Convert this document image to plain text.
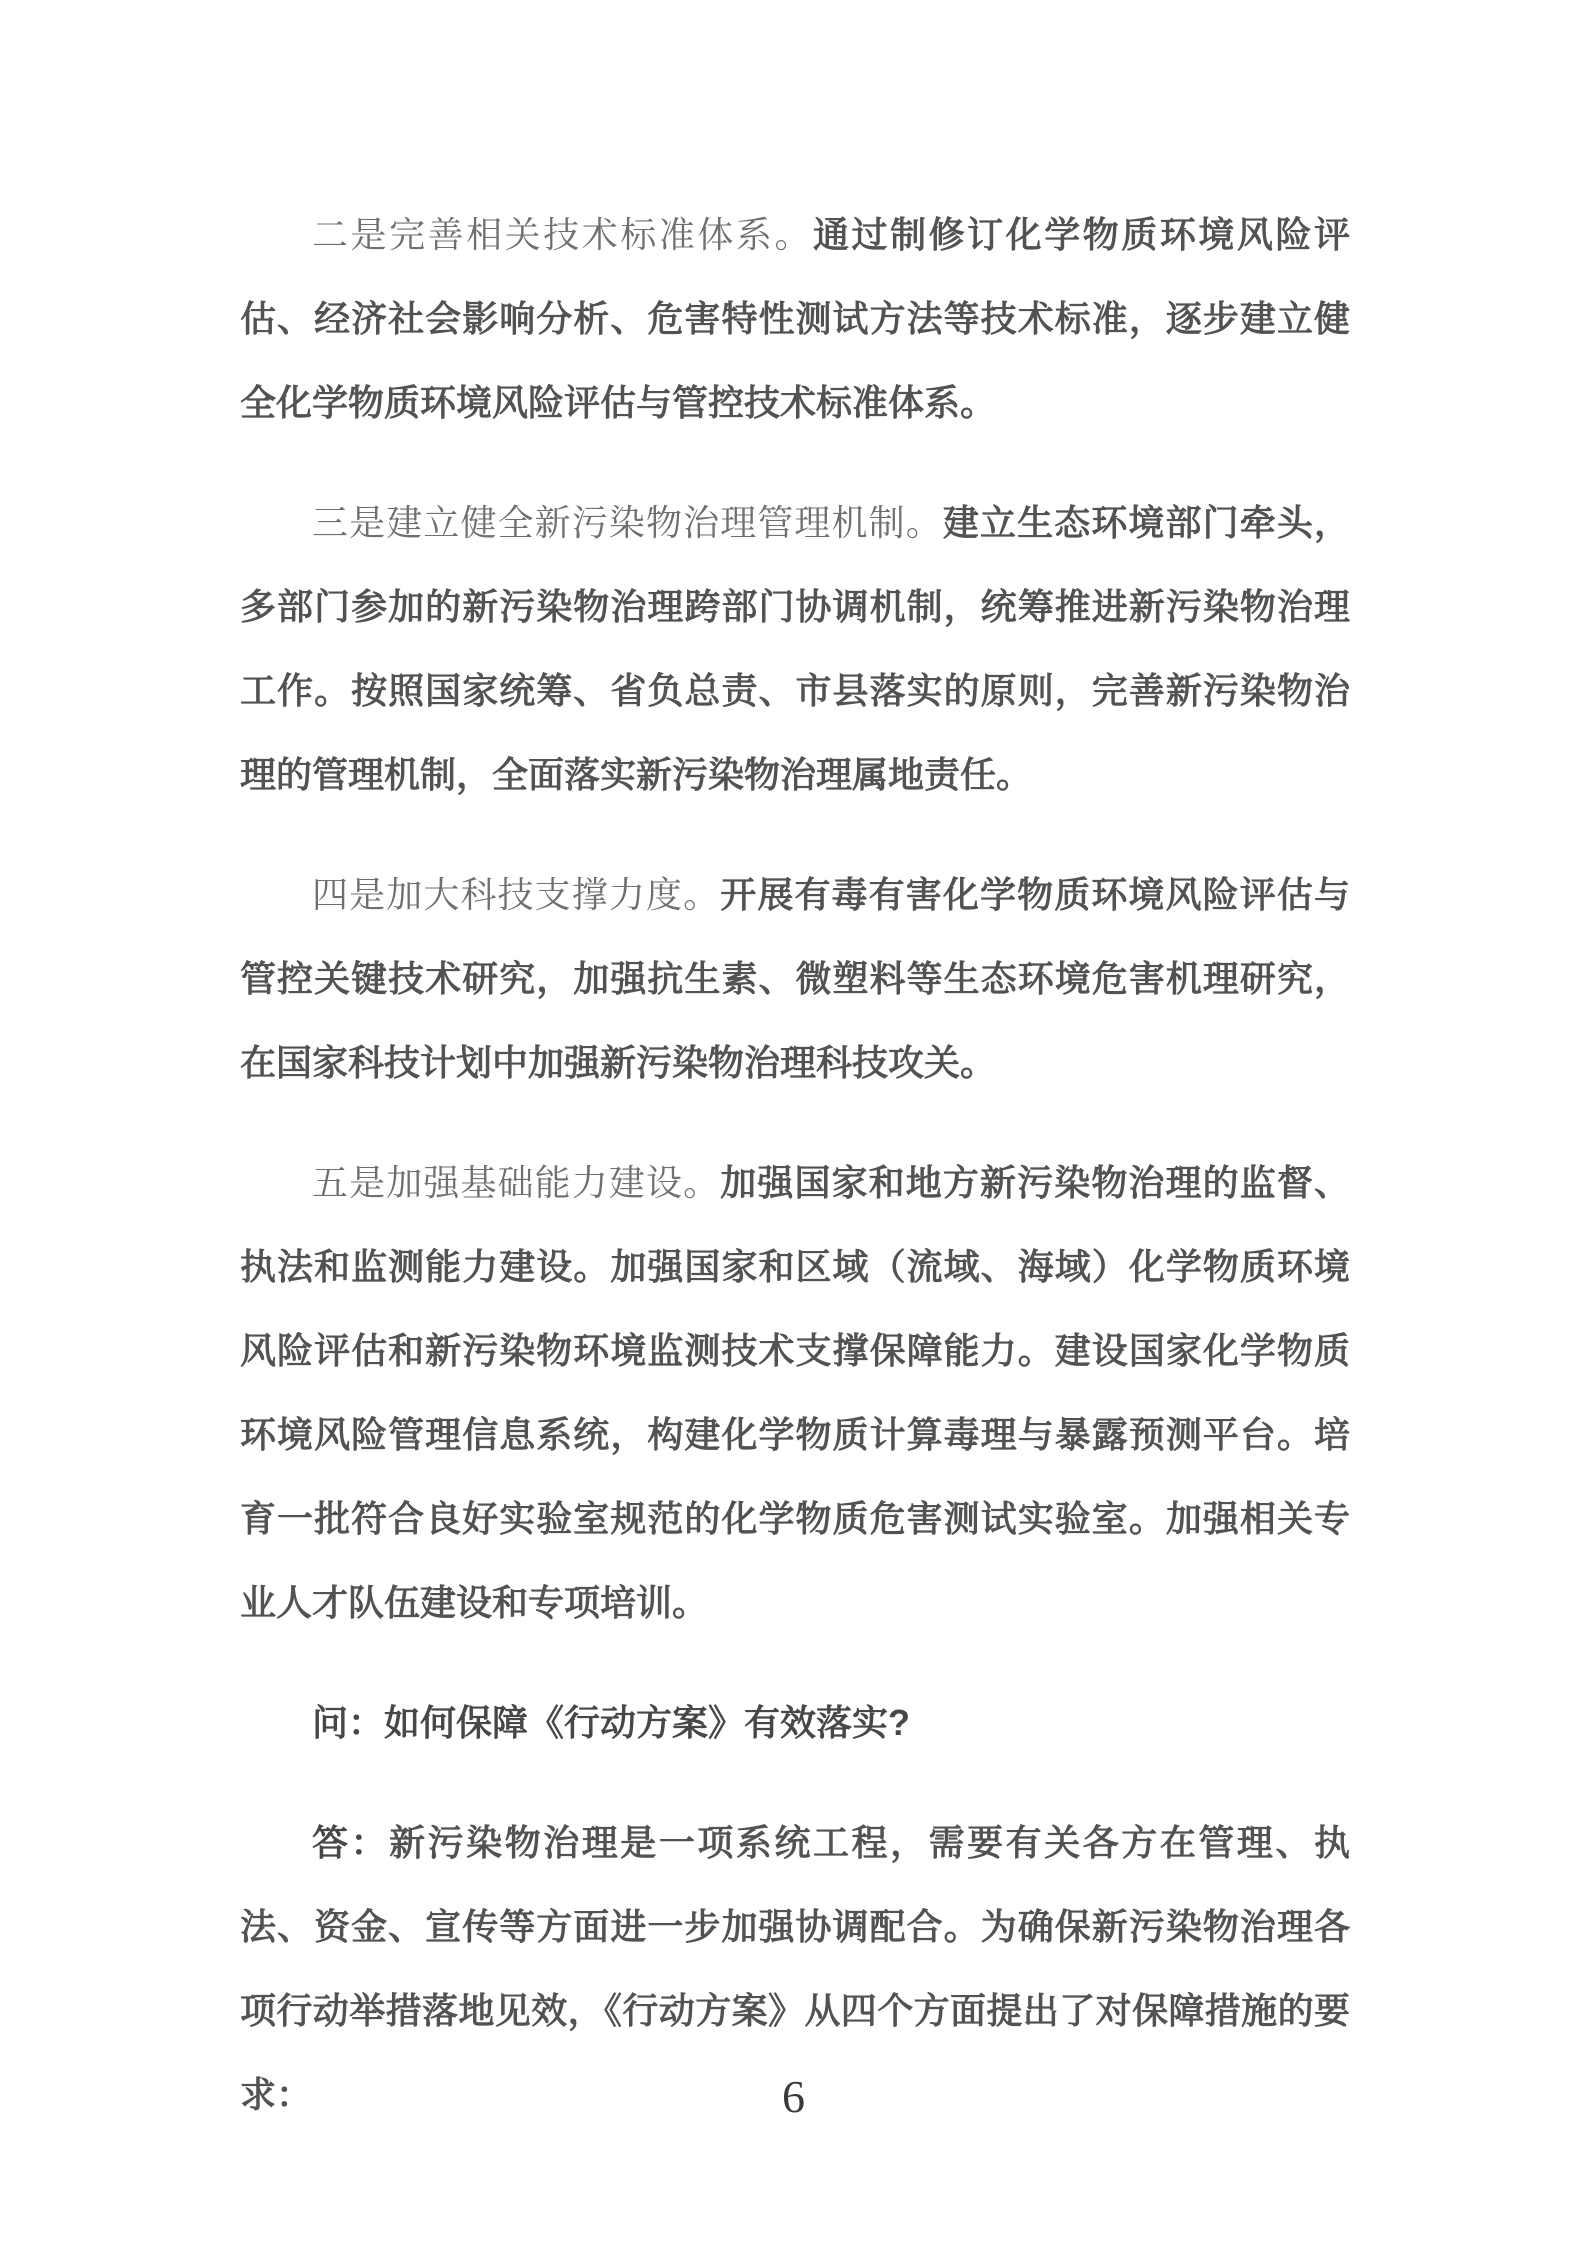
二是完善相关技术标准体系。通过制修订化学物质环境风险评估、经济社会影响分析、危害特性测试方法等技术标准，逐步建立健全化学物质环境风险评估与管控技术标准体系。

三是建立健全新污染物治理管理机制。建立生态环境部门牵头，多部门参加的新污染物治理跨部门协调机制，统筹推进新污染物治理工作。按照国家统筹、省负总责、市县落实的原则，完善新污染物治理的管理机制，全面落实新污染物治理属地责任。

四是加大科技支撑力度。开展有毒有害化学物质环境风险评估与管控关键技术研究，加强抗生素、微塑料等生态环境危害机理研究，在国家科技计划中加强新污染物治理科技攻关。

五是加强基础能力建设。加强国家和地方新污染物治理的监督、执法和监测能力建设。加强国家和区域（流域、海域）化学物质环境风险评估和新污染物环境监测技术支撑保障能力。建设国家化学物质环境风险管理信息系统，构建化学物质计算毒理与暴露预测平台。培育一批符合良好实验室规范的化学物质危害测试实验室。加强相关专业人才队伍建设和专项培训。

问：如何保障《行动方案》有效落实?

答：新污染物治理是一项系统工程，需要有关各方在管理、执法、资金、宣传等方面进一步加强协调配合。为确保新污染物治理各项行动举措落地见效，《行动方案》从四个方面提出了对保障措施的要求：	6
